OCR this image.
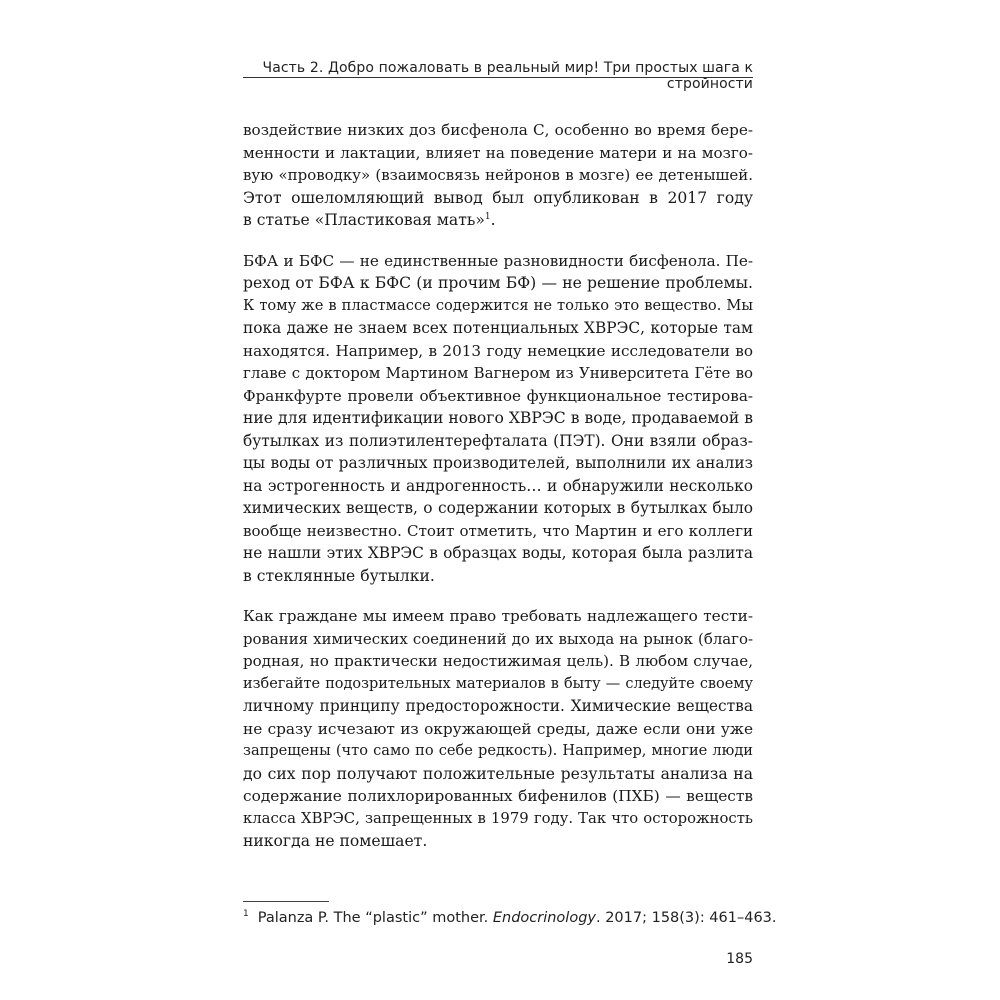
Часть 2. Добро пожаловать в реальный мир! Три простых шага к стройности
воздействие низких доз бисфенола С, особенно во время бере-
менности и лактации, влияет на поведение матери и на мозго-
вую «проводку» (взаимосвязь нейронов в мозге) ее детенышей.
Этот ошеломляющий вывод был опубликован в 2017 году
в статье «Пластиковая мать»$^1$.
БФА и БФС — не единственные разновидности бисфенола. Пе-
реход от БФА к БФС (и прочим БФ) — не решение проблемы.
К тому же в пластмассе содержится не только это вещество. Мы
пока даже не знаем всех потенциальных ХВРЭС, которые там
находятся. Например, в 2013 году немецкие исследователи во
главе с доктором Мартином Вагнером из Университета Гёте во
Франкфурте провели объективное функциональное тестирова-
ние для идентификации нового ХВРЭС в воде, продаваемой в
бутылках из полиэтилентерефталата (ПЭТ). Они взяли образ-
цы воды от различных производителей, выполнили их анализ
на эстрогенность и андрогенность… и обнаружили несколько
химических веществ, о содержании которых в бутылках было
вообще неизвестно. Стоит отметить, что Мартин и его коллеги
не нашли этих ХВРЭС в образцах воды, которая была разлита
в стеклянные бутылки.
Как граждане мы имеем право требовать надлежащего тести-
рования химических соединений до их выхода на рынок (благо-
родная, но практически недостижимая цель). В любом случае,
избегайте подозрительных материалов в быту — следуйте своему
личному принципу предосторожности. Химические вещества
не сразу исчезают из окружающей среды, даже если они уже
запрещены (что само по себе редкость). Например, многие люди
до сих пор получают положительные результаты анализа на
содержание полихлорированных бифенилов (ПХБ) — веществ
класса ХВРЭС, запрещенных в 1979 году. Так что осторожность
никогда не помешает.
$^1$ Palanza P. The “plastic” mother. Endocrinology. 2017; 158(3): 461–463.
185
